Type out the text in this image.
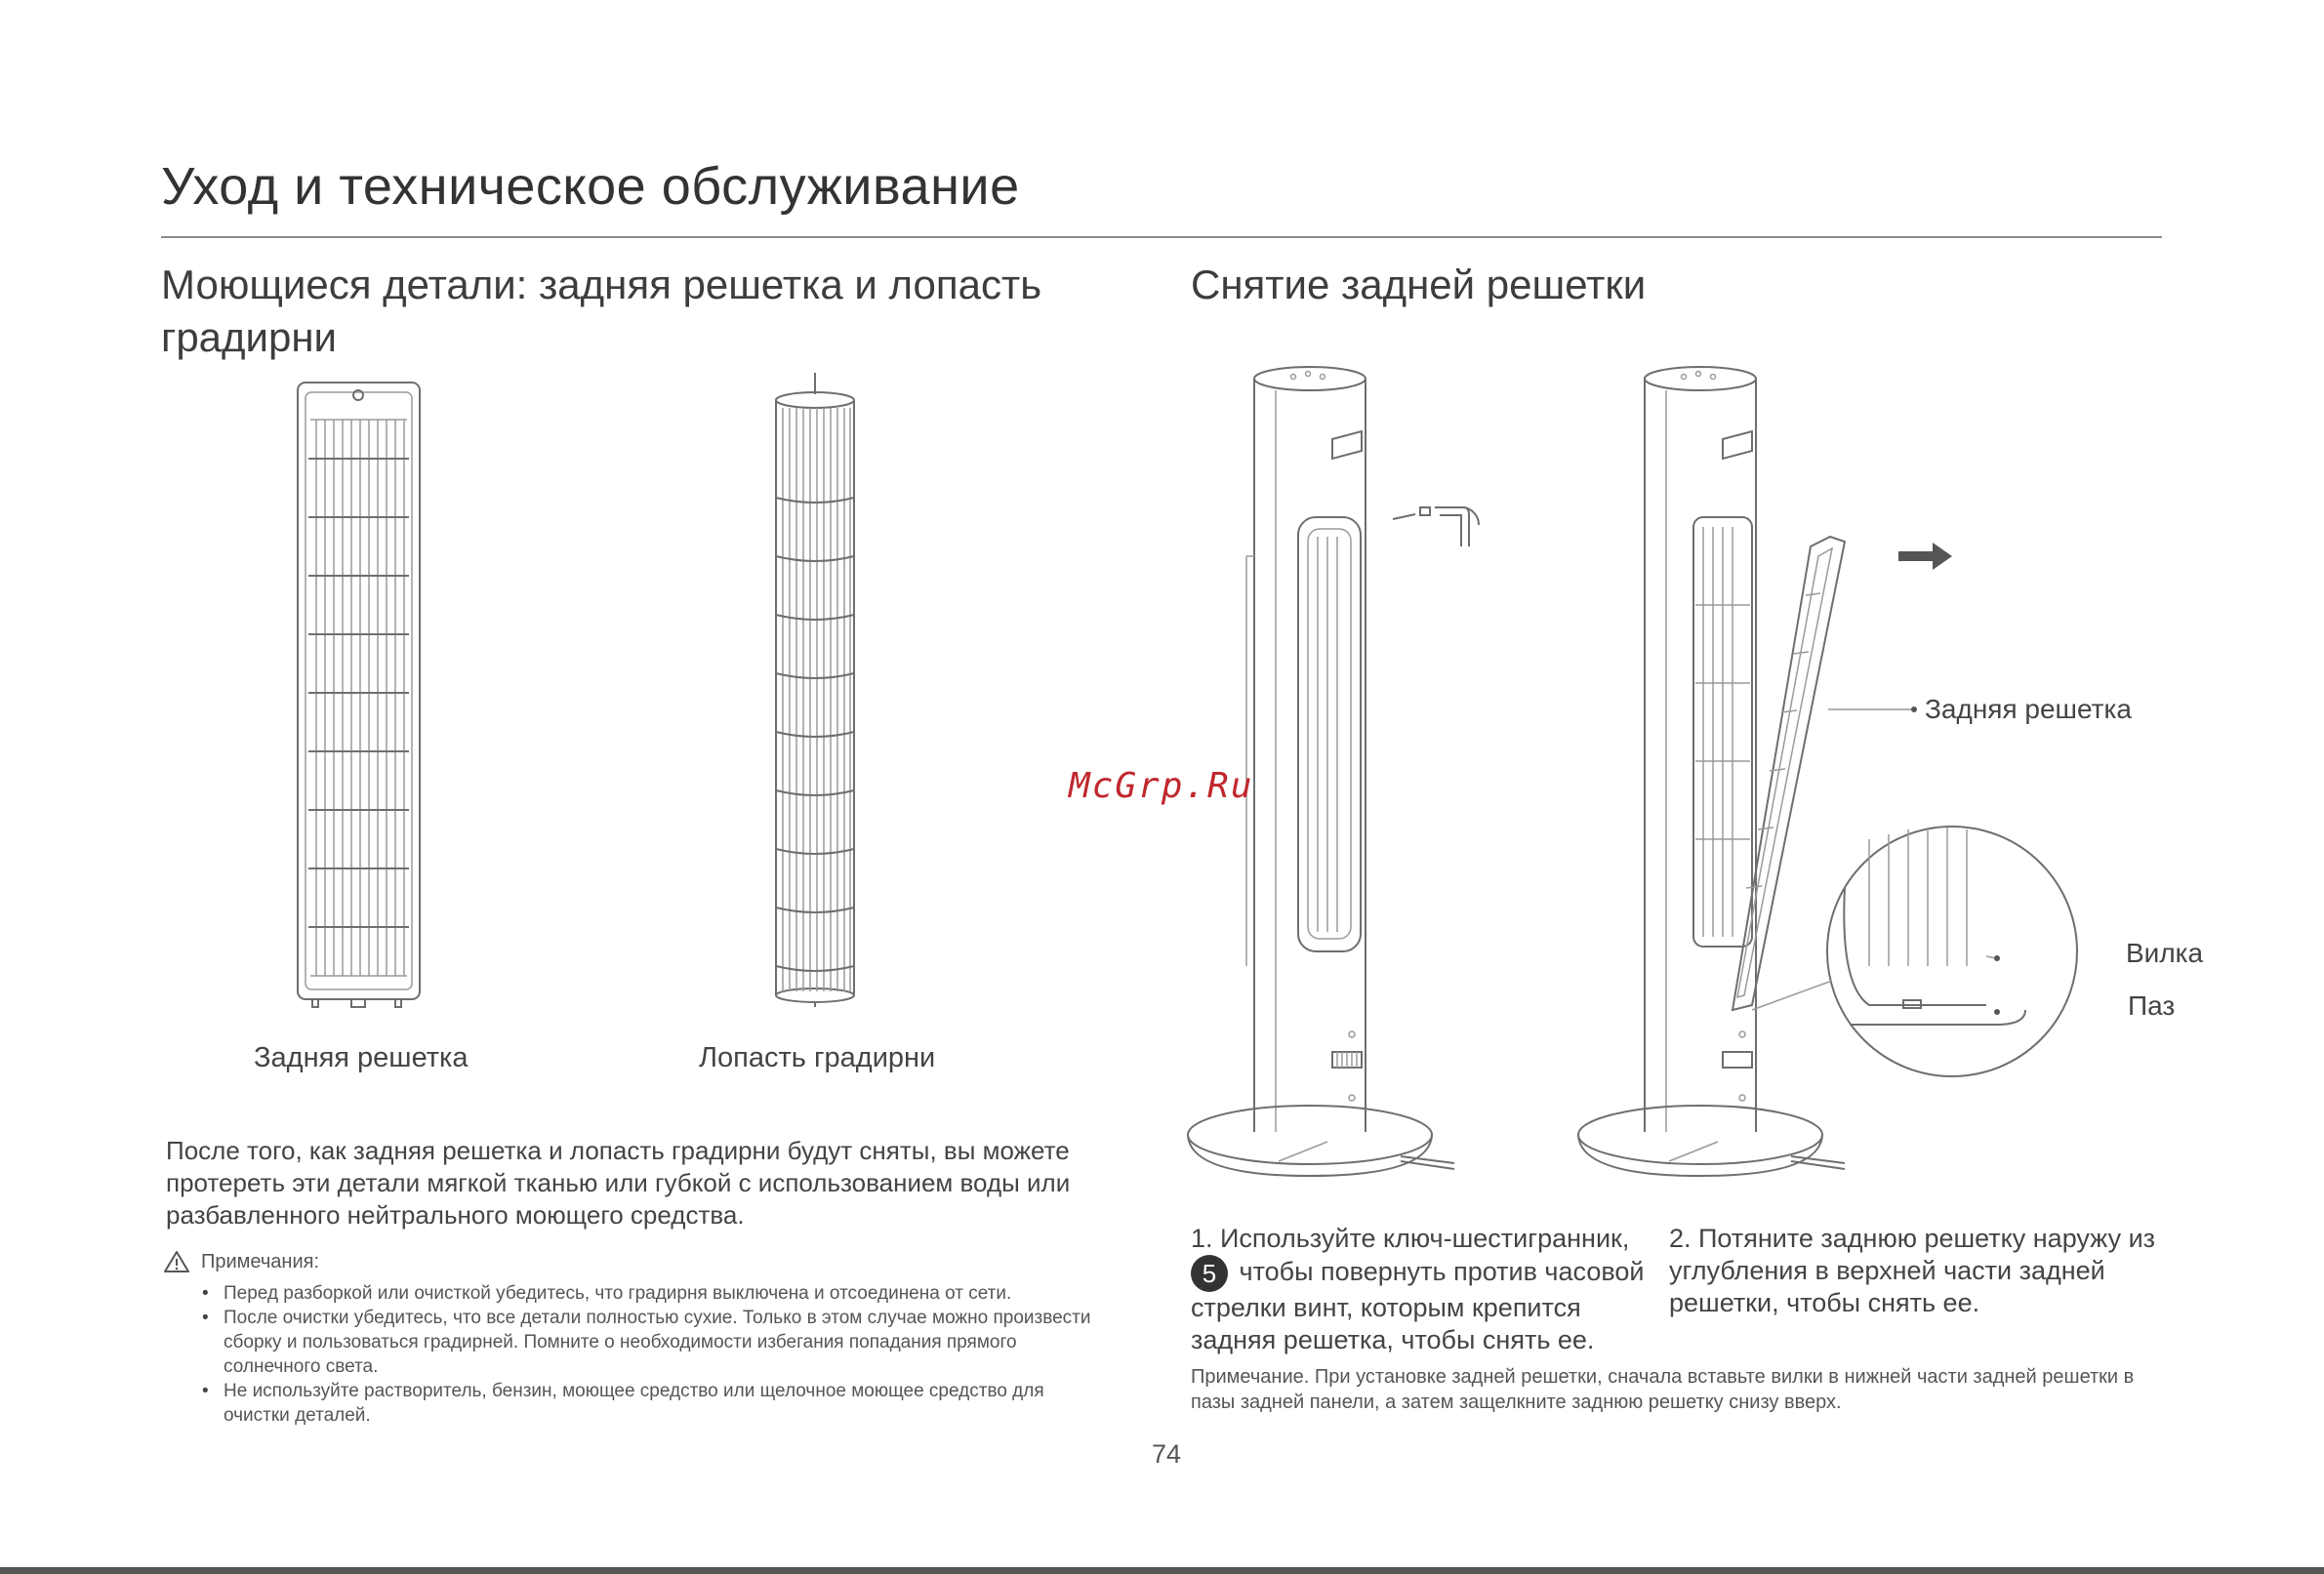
Уход и техническое обслуживание
Моющиеся детали: задняя решетка и лопасть
градирни
Задняя решетка	Лопасть градирни
После того, как задняя решетка и лопасть градирни будут сняты, вы можете протереть эти детали мягкой тканью или губкой с использованием воды или разбавленного нейтрального моющего средства.
Примечания:
• Перед разборкой или очисткой убедитесь, что градирня выключена и отсоединена от сети.
• После очистки убедитесь, что все детали полностью сухие. Только в этом случае можно произвести сборку и пользоваться градирней. Помните о необходимости избегания попадания прямого солнечного света.
• Не используйте растворитель, бензин, моющее средство или щелочное моющее средство для очистки деталей.
Снятие задней решетки
Задняя решетка
Вилка
Паз
McGrp.Ru
1. Используйте ключ-шестигранник,
5 чтобы повернуть против часовой стрелки винт, которым крепится задняя решетка, чтобы снять ее.
2. Потяните заднюю решетку наружу из углубления в верхней части задней решетки, чтобы снять ее.
Примечание. При установке задней решетки, сначала вставьте вилки в нижней части задней решетки в пазы задней панели, а затем защелкните заднюю решетку снизу вверх.
74
